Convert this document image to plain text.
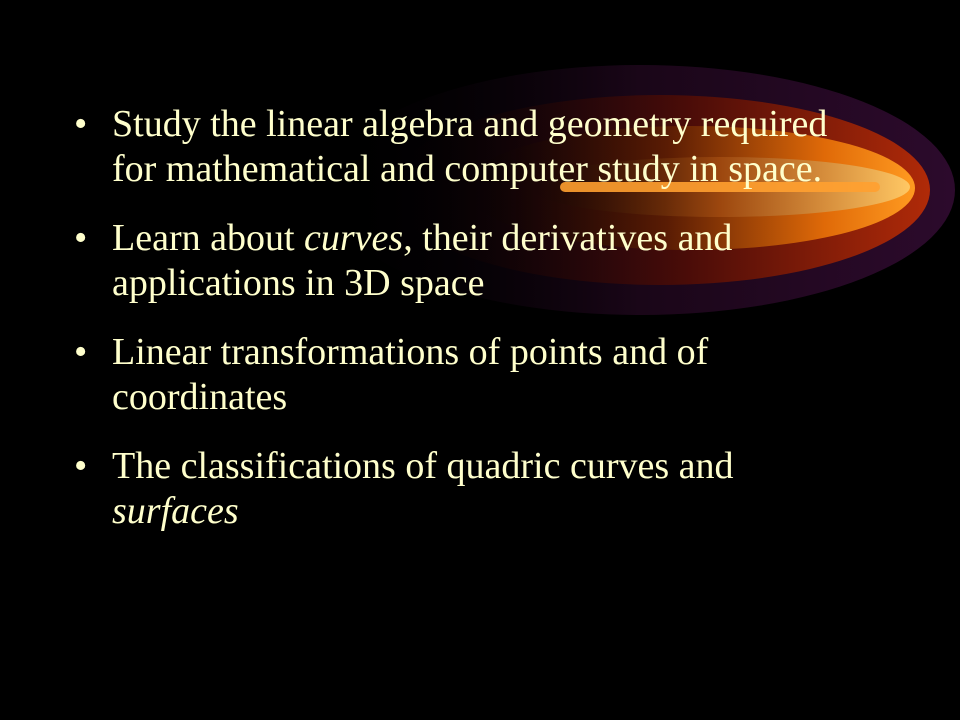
• Study the linear algebra and geometry required for mathematical and computer study in space.
• Learn about curves, their derivatives and applications in 3D space
• Linear transformations of points and of coordinates
• The classifications of quadric curves and surfaces
